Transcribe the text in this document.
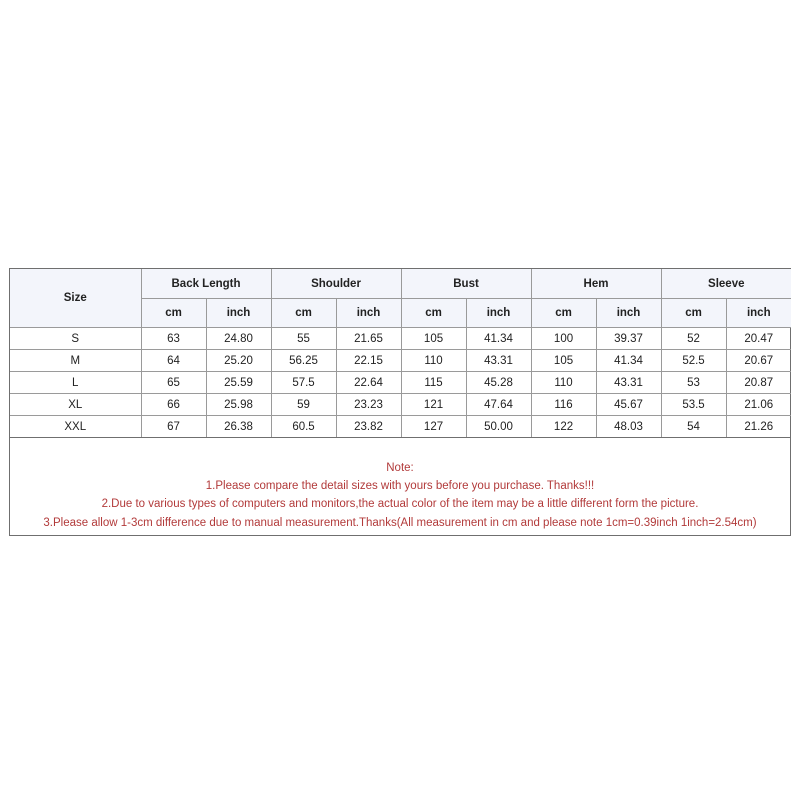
Size	Back Length		Shoulder		Bust		Hem		Sleeve	
	cm	inch	cm	inch	cm	inch	cm	inch	cm	inch
S	63	24.80	55	21.65	105	41.34	100	39.37	52	20.47
M	64	25.20	56.25	22.15	110	43.31	105	41.34	52.5	20.67
L	65	25.59	57.5	22.64	115	45.28	110	43.31	53	20.87
XL	66	25.98	59	23.23	121	47.64	116	45.67	53.5	21.06
XXL	67	26.38	60.5	23.82	127	50.00	122	48.03	54	21.26
Note:
1.Please compare the detail sizes with yours before you purchase. Thanks!!!
2.Due to various types of computers and monitors,the actual color of the item may be a little different form the picture.
3.Please allow 1-3cm difference due to manual measurement.Thanks(All measurement in cm and please note 1cm=0.39inch 1inch=2.54cm)
